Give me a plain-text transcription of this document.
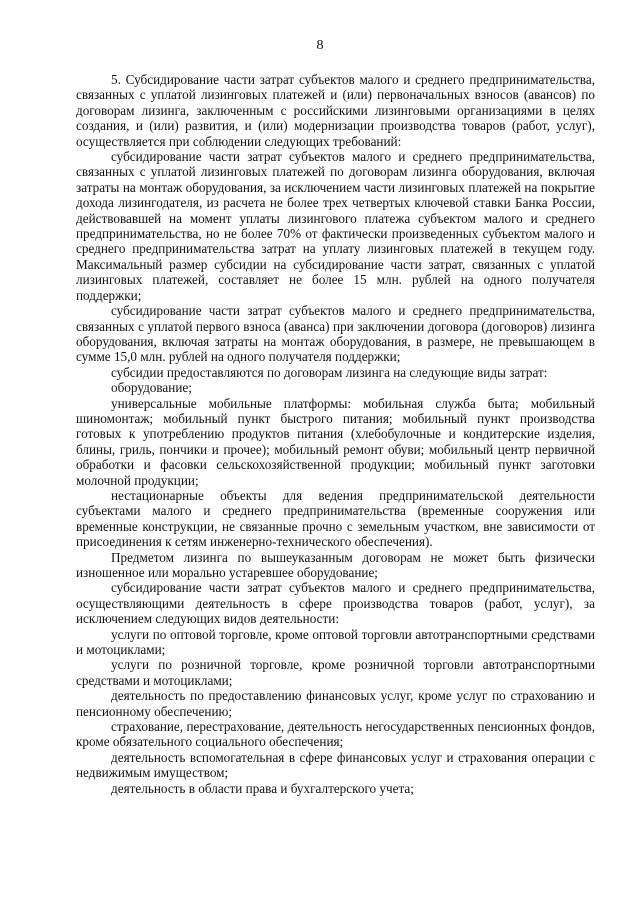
8

5. Субсидирование части затрат субъектов малого и среднего предпринимательства, связанных с уплатой лизинговых платежей и (или) первоначальных взносов (авансов) по договорам лизинга, заключенным с российскими лизинговыми организациями в целях создания, и (или) развития, и (или) модернизации производства товаров (работ, услуг), осуществляется при соблюдении следующих требований:

субсидирование части затрат субъектов малого и среднего предпринимательства, связанных с уплатой лизинговых платежей по договорам лизинга оборудования, включая затраты на монтаж оборудования, за исключением части лизинговых платежей на покрытие дохода лизингодателя, из расчета не более трех четвертых ключевой ставки Банка России, действовавшей на момент уплаты лизингового платежа субъектом малого и среднего предпринимательства, но не более 70% от фактически произведенных субъектом малого и среднего предпринимательства затрат на уплату лизинговых платежей в текущем году. Максимальный размер субсидии на субсидирование части затрат, связанных с уплатой лизинговых платежей, составляет не более 15 млн. рублей на одного получателя поддержки;

субсидирование части затрат субъектов малого и среднего предпринимательства, связанных с уплатой первого взноса (аванса) при заключении договора (договоров) лизинга оборудования, включая затраты на монтаж оборудования, в размере, не превышающем в сумме 15,0 млн. рублей на одного получателя поддержки;

субсидии предоставляются по договорам лизинга на следующие виды затрат:

оборудование;

универсальные мобильные платформы: мобильная служба быта; мобильный шиномонтаж; мобильный пункт быстрого питания; мобильный пункт производства готовых к употреблению продуктов питания (хлебобулочные и кондитерские изделия, блины, гриль, пончики и прочее); мобильный ремонт обуви; мобильный центр первичной обработки и фасовки сельскохозяйственной продукции; мобильный пункт заготовки молочной продукции;

нестационарные объекты для ведения предпринимательской деятельности субъектами малого и среднего предпринимательства (временные сооружения или временные конструкции, не связанные прочно с земельным участком, вне зависимости от присоединения к сетям инженерно-технического обеспечения).

Предметом лизинга по вышеуказанным договорам не может быть физически изношенное или морально устаревшее оборудование;

субсидирование части затрат субъектов малого и среднего предпринимательства, осуществляющими деятельность в сфере производства товаров (работ, услуг), за исключением следующих видов деятельности:

услуги по оптовой торговле, кроме оптовой торговли автотранспортными средствами и мотоциклами;

услуги по розничной торговле, кроме розничной торговли автотранспортными средствами и мотоциклами;

деятельность по предоставлению финансовых услуг, кроме услуг по страхованию и пенсионному обеспечению;

страхование, перестрахование, деятельность негосударственных пенсионных фондов, кроме обязательного социального обеспечения;

деятельность вспомогательная в сфере финансовых услуг и страхования операции с недвижимым имуществом;

деятельность в области права и бухгалтерского учета;
